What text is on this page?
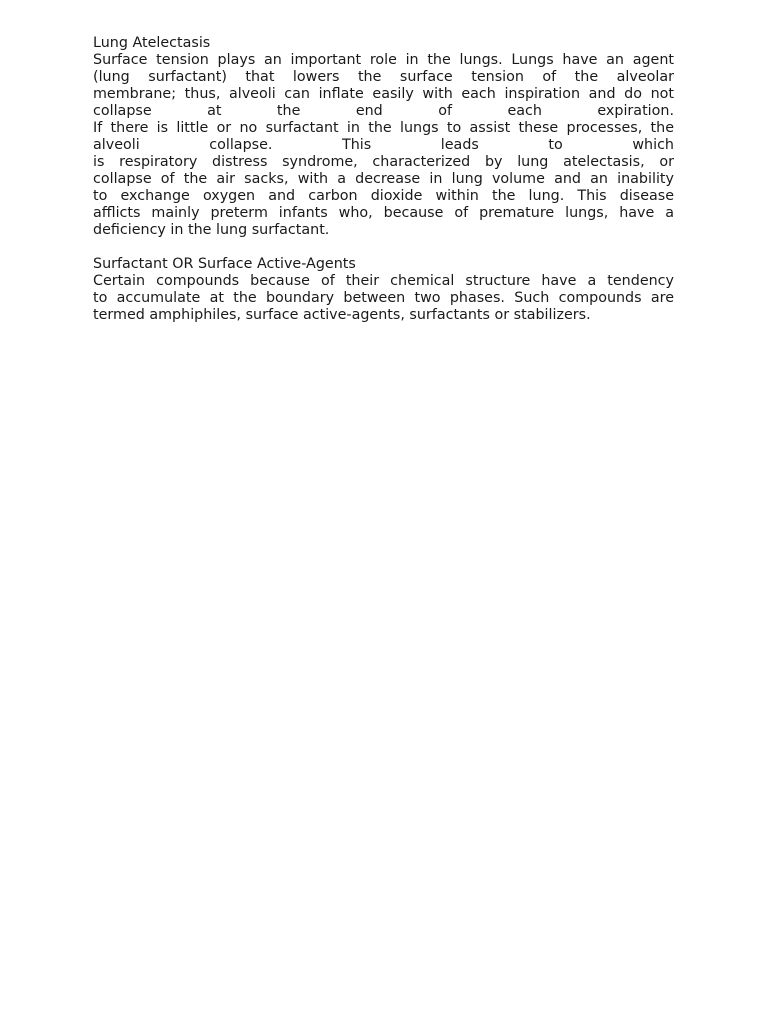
Lung Atelectasis
Surface tension plays an important role in the lungs. Lungs have an agent
(lung surfactant) that lowers the surface tension of the alveolar
membrane; thus, alveoli can inflate easily with each inspiration and do not
collapse at the end of each expiration.
If there is little or no surfactant in the lungs to assist these processes, the
alveoli collapse. This leads to which
is respiratory distress syndrome, characterized by lung atelectasis, or
collapse of the air sacks, with a decrease in lung volume and an inability
to exchange oxygen and carbon dioxide within the lung. This disease
afflicts mainly preterm infants who, because of premature lungs, have a
deficiency in the lung surfactant.
Surfactant OR Surface Active-Agents
Certain compounds because of their chemical structure have a tendency
to accumulate at the boundary between two phases. Such compounds are
termed amphiphiles, surface active-agents, surfactants or stabilizers.
